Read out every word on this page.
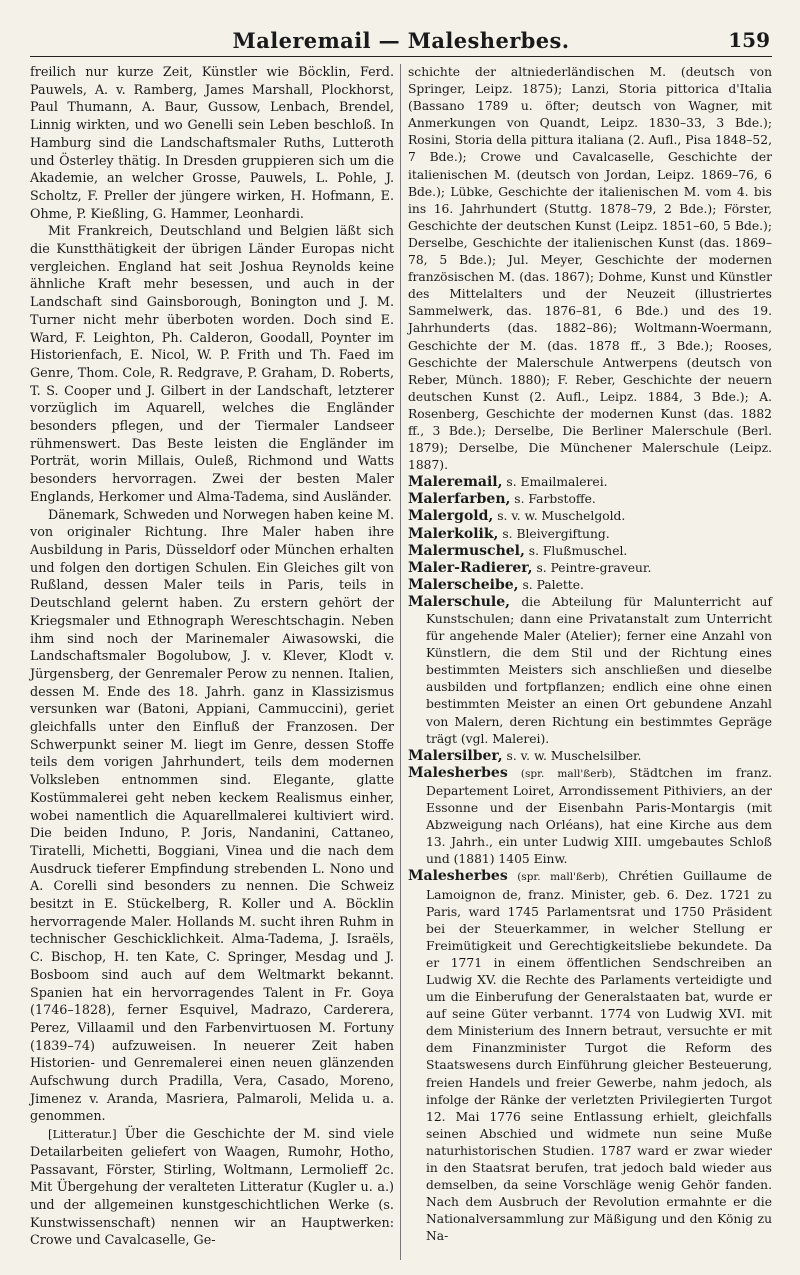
Maleremail — Malesherbes.	159

freilich nur kurze Zeit, Künstler wie Böcklin, Ferd. Pauwels, A. v. Ramberg, James Marshall, Plockhorst, Paul Thumann, A. Baur, Gussow, Lenbach, Brendel, Linnig wirkten, und wo Genelli sein Leben beschloß. In Hamburg sind die Landschaftsmaler Ruths, Lutteroth und Österley thätig. In Dresden gruppieren sich um die Akademie, an welcher Grosse, Pauwels, L. Pohle, J. Scholtz, F. Preller der jüngere wirken, H. Hofmann, E. Ohme, P. Kießling, G. Hammer, Leonhardi.

Mit Frankreich, Deutschland und Belgien läßt sich die Kunstthätigkeit der übrigen Länder Europas nicht vergleichen. England hat seit Joshua Reynolds keine ähnliche Kraft mehr besessen, und auch in der Landschaft sind Gainsborough, Bonington und J. M. Turner nicht mehr überboten worden. Doch sind E. Ward, F. Leighton, Ph. Calderon, Goodall, Poynter im Historienfach, E. Nicol, W. P. Frith und Th. Faed im Genre, Thom. Cole, R. Redgrave, P. Graham, D. Roberts, T. S. Cooper und J. Gilbert in der Landschaft, letzterer vorzüglich im Aquarell, welches die Engländer besonders pflegen, und der Tiermaler Landseer rühmenswert. Das Beste leisten die Engländer im Porträt, worin Millais, Ouleß, Richmond und Watts besonders hervorragen. Zwei der besten Maler Englands, Herkomer und Alma-Tadema, sind Ausländer.

Dänemark, Schweden und Norwegen haben keine M. von originaler Richtung. Ihre Maler haben ihre Ausbildung in Paris, Düsseldorf oder München erhalten und folgen den dortigen Schulen. Ein Gleiches gilt von Rußland, dessen Maler teils in Paris, teils in Deutschland gelernt haben. Zu erstern gehört der Kriegsmaler und Ethnograph Wereschtschagin. Neben ihm sind noch der Marinemaler Aiwasowski, die Landschaftsmaler Bogolubow, J. v. Klever, Klodt v. Jürgensberg, der Genremaler Perow zu nennen. Italien, dessen M. Ende des 18. Jahrh. ganz in Klassizismus versunken war (Batoni, Appiani, Cammuccini), geriet gleichfalls unter den Einfluß der Franzosen. Der Schwerpunkt seiner M. liegt im Genre, dessen Stoffe teils dem vorigen Jahrhundert, teils dem modernen Volksleben entnommen sind. Elegante, glatte Kostümmalerei geht neben keckem Realismus einher, wobei namentlich die Aquarellmalerei kultiviert wird. Die beiden Induno, P. Joris, Nandanini, Cattaneo, Tiratelli, Michetti, Boggiani, Vinea und die nach dem Ausdruck tieferer Empfindung strebenden L. Nono und A. Corelli sind besonders zu nennen. Die Schweiz besitzt in E. Stückelberg, R. Koller und A. Böcklin hervorragende Maler. Hollands M. sucht ihren Ruhm in technischer Geschicklichkeit. Alma-Tadema, J. Israëls, C. Bischop, H. ten Kate, C. Springer, Mesdag und J. Bosboom sind auch auf dem Weltmarkt bekannt. Spanien hat ein hervorragendes Talent in Fr. Goya (1746–1828), ferner Esquivel, Madrazo, Carderera, Perez, Villaamil und den Farbenvirtuosen M. Fortuny (1839–74) aufzuweisen. In neuerer Zeit haben Historien- und Genremalerei einen neuen glänzenden Aufschwung durch Pradilla, Vera, Casado, Moreno, Jimenez v. Aranda, Masriera, Palmaroli, Melida u. a. genommen.

[Litteratur.] Über die Geschichte der M. sind viele Detailarbeiten geliefert von Waagen, Rumohr, Hotho, Passavant, Förster, Stirling, Woltmann, Lermolieff 2c. Mit Übergehung der veralteten Litteratur (Kugler u. a.) und der allgemeinen kunstgeschichtlichen Werke (s. Kunstwissenschaft) nennen wir an Hauptwerken: Crowe und Cavalcaselle, Ge-

schichte der altniederländischen M. (deutsch von Springer, Leipz. 1875); Lanzi, Storia pittorica d'Italia (Bassano 1789 u. öfter; deutsch von Wagner, mit Anmerkungen von Quandt, Leipz. 1830–33, 3 Bde.); Rosini, Storia della pittura italiana (2. Aufl., Pisa 1848–52, 7 Bde.); Crowe und Cavalcaselle, Geschichte der italienischen M. (deutsch von Jordan, Leipz. 1869–76, 6 Bde.); Lübke, Geschichte der italienischen M. vom 4. bis ins 16. Jahrhundert (Stuttg. 1878–79, 2 Bde.); Förster, Geschichte der deutschen Kunst (Leipz. 1851–60, 5 Bde.); Derselbe, Geschichte der italienischen Kunst (das. 1869–78, 5 Bde.); Jul. Meyer, Geschichte der modernen französischen M. (das. 1867); Dohme, Kunst und Künstler des Mittelalters und der Neuzeit (illustriertes Sammelwerk, das. 1876–81, 6 Bde.) und des 19. Jahrhunderts (das. 1882–86); Woltmann-Woermann, Geschichte der M. (das. 1878 ff., 3 Bde.); Rooses, Geschichte der Malerschule Antwerpens (deutsch von Reber, Münch. 1880); F. Reber, Geschichte der neuern deutschen Kunst (2. Aufl., Leipz. 1884, 3 Bde.); A. Rosenberg, Geschichte der modernen Kunst (das. 1882 ff., 3 Bde.); Derselbe, Die Berliner Malerschule (Berl. 1879); Derselbe, Die Münchener Malerschule (Leipz. 1887).

Maleremail, s. Emailmalerei.

Malerfarben, s. Farbstoffe.

Malergold, s. v. w. Muschelgold.

Malerkolik, s. Bleivergiftung.

Malermuschel, s. Flußmuschel.

Maler-Radierer, s. Peintre-graveur.

Malerscheibe, s. Palette.

Malerschule, die Abteilung für Malunterricht auf Kunstschulen; dann eine Privatanstalt zum Unterricht für angehende Maler (Atelier); ferner eine Anzahl von Künstlern, die dem Stil und der Richtung eines bestimmten Meisters sich anschließen und dieselbe ausbilden und fortpflanzen; endlich eine ohne einen bestimmten Meister an einen Ort gebundene Anzahl von Malern, deren Richtung ein bestimmtes Gepräge trägt (vgl. Malerei).

Malersilber, s. v. w. Muschelsilber.

Malesherbes (spr. mall'ßerb), Städtchen im franz. Departement Loiret, Arrondissement Pithiviers, an der Essonne und der Eisenbahn Paris-Montargis (mit Abzweigung nach Orléans), hat eine Kirche aus dem 13. Jahrh., ein unter Ludwig XIII. umgebautes Schloß und (1881) 1405 Einw.

Malesherbes (spr. mall'ßerb), Chrétien Guillaume de Lamoignon de, franz. Minister, geb. 6. Dez. 1721 zu Paris, ward 1745 Parlamentsrat und 1750 Präsident bei der Steuerkammer, in welcher Stellung er Freimütigkeit und Gerechtigkeitsliebe bekundete. Da er 1771 in einem öffentlichen Sendschreiben an Ludwig XV. die Rechte des Parlaments verteidigte und um die Einberufung der Generalstaaten bat, wurde er auf seine Güter verbannt. 1774 von Ludwig XVI. mit dem Ministerium des Innern betraut, versuchte er mit dem Finanzminister Turgot die Reform des Staatswesens durch Einführung gleicher Besteuerung, freien Handels und freier Gewerbe, nahm jedoch, als infolge der Ränke der verletzten Privilegierten Turgot 12. Mai 1776 seine Entlassung erhielt, gleichfalls seinen Abschied und widmete nun seine Muße naturhistorischen Studien. 1787 ward er zwar wieder in den Staatsrat berufen, trat jedoch bald wieder aus demselben, da seine Vorschläge wenig Gehör fanden. Nach dem Ausbruch der Revolution ermahnte er die Nationalversammlung zur Mäßigung und den König zu Na-
